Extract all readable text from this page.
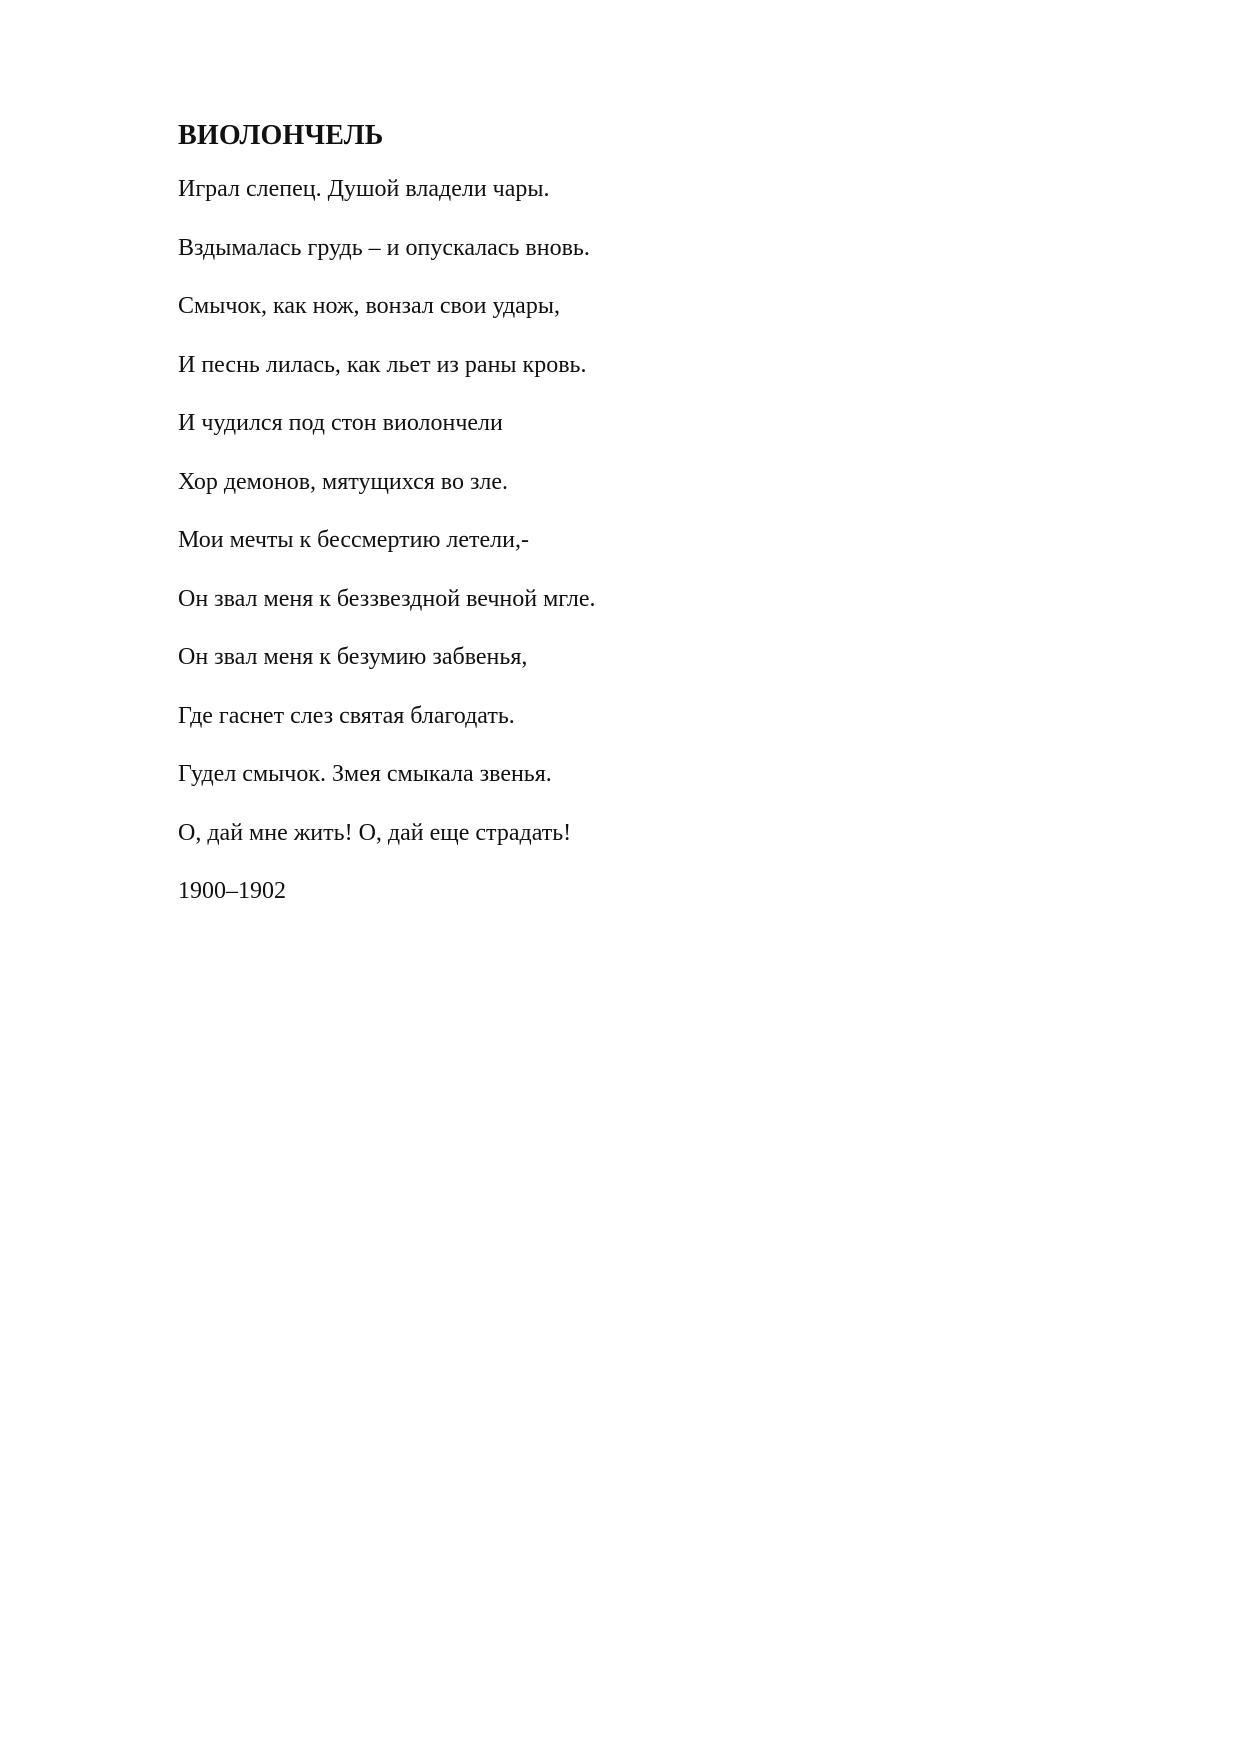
ВИОЛОНЧЕЛЬ
Играл слепец. Душой владели чары.
Вздымалась грудь – и опускалась вновь.
Смычок, как нож, вонзал свои удары,
И песнь лилась, как льет из раны кровь.
И чудился под стон виолончели
Хор демонов, мятущихся во зле.
Мои мечты к бессмертию летели,-
Он звал меня к беззвездной вечной мгле.
Он звал меня к безумию забвенья,
Где гаснет слез святая благодать.
Гудел смычок. Змея смыкала звенья.
О, дай мне жить! О, дай еще страдать!

1900–1902
